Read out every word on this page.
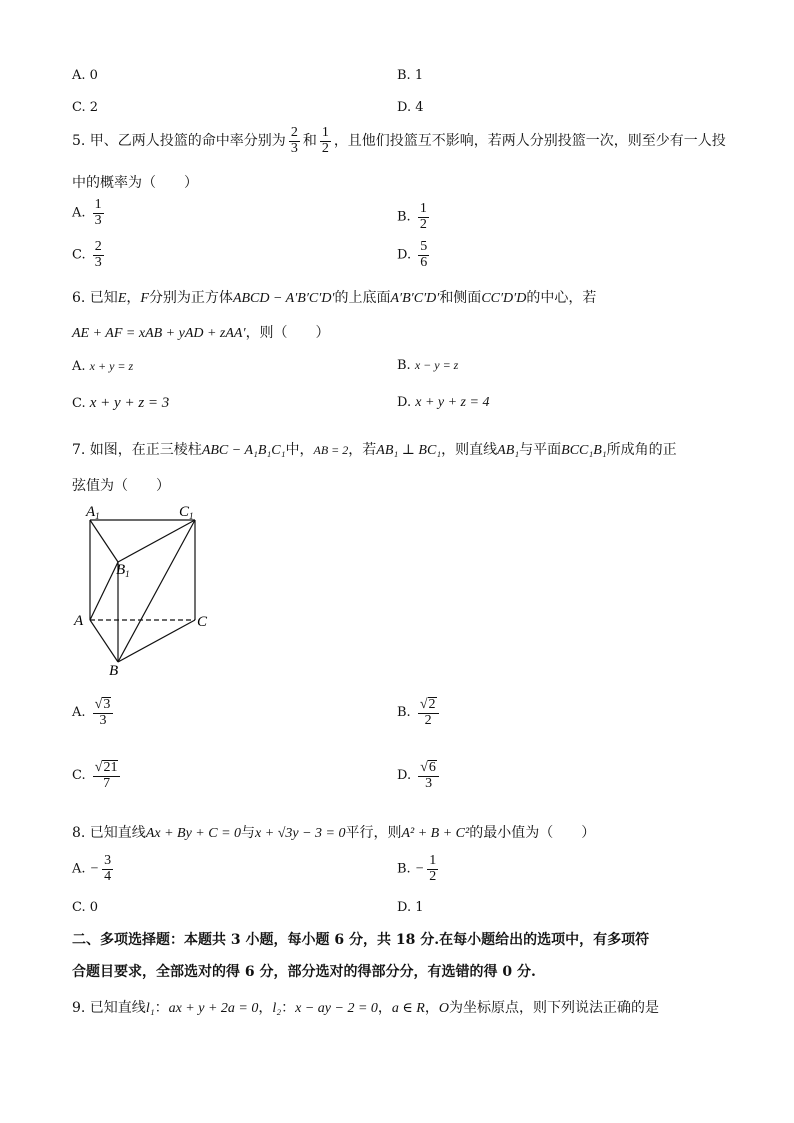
A. 0	B. 1
C. 2	D. 4
5. 甲、乙两人投篮的命中率分别为 $\frac{2}{3}$ 和 $\frac{1}{2}$ ，且他们投篮互不影响，若两人分别投篮一次，则至少有一人投
中的概率为（　　）
A. $\frac{1}{3}$	B. $\frac{1}{2}$
C. $\frac{2}{3}$	D. $\frac{5}{6}$
6. 已知E，F分别为正方体ABCD − A′B′C′D′的上底面A′B′C′D′和侧面CC′D′D的中心，若
AE + AF = xAB + yAD + zAA′，则（　　）
A. x + y = z	B. x − y = z
C. x + y + z = 3	D. x + y + z = 4
7. 如图，在正三棱柱ABC − A₁B₁C₁中，AB = 2，若AB₁ ⊥ BC₁，则直线AB₁与平面BCC₁B₁所成角的正
弦值为（　　）
$A_1$	$C_1$
$B_1$
A	C
B
A. $\frac{√3}{3}$	B. $\frac{√2}{2}$
C. $\frac{√21}{7}$	D. $\frac{√6}{3}$
8. 已知直线Ax + By + C = 0与x + √3y − 3 = 0平行，则A² + B + C²的最小值为（　　）
A. − $\frac{3}{4}$	B. − $\frac{1}{2}$
C. 0	D. 1
二、多项选择题：本题共 3 小题，每小题 6 分，共 18 分.在每小题给出的选项中，有多项符
合题目要求，全部选对的得 6 分，部分选对的得部分分，有选错的得 0 分.
9. 已知直线l₁：ax + y + 2a = 0，l₂：x − ay − 2 = 0，a ∈ R，O为坐标原点，则下列说法正确的是
